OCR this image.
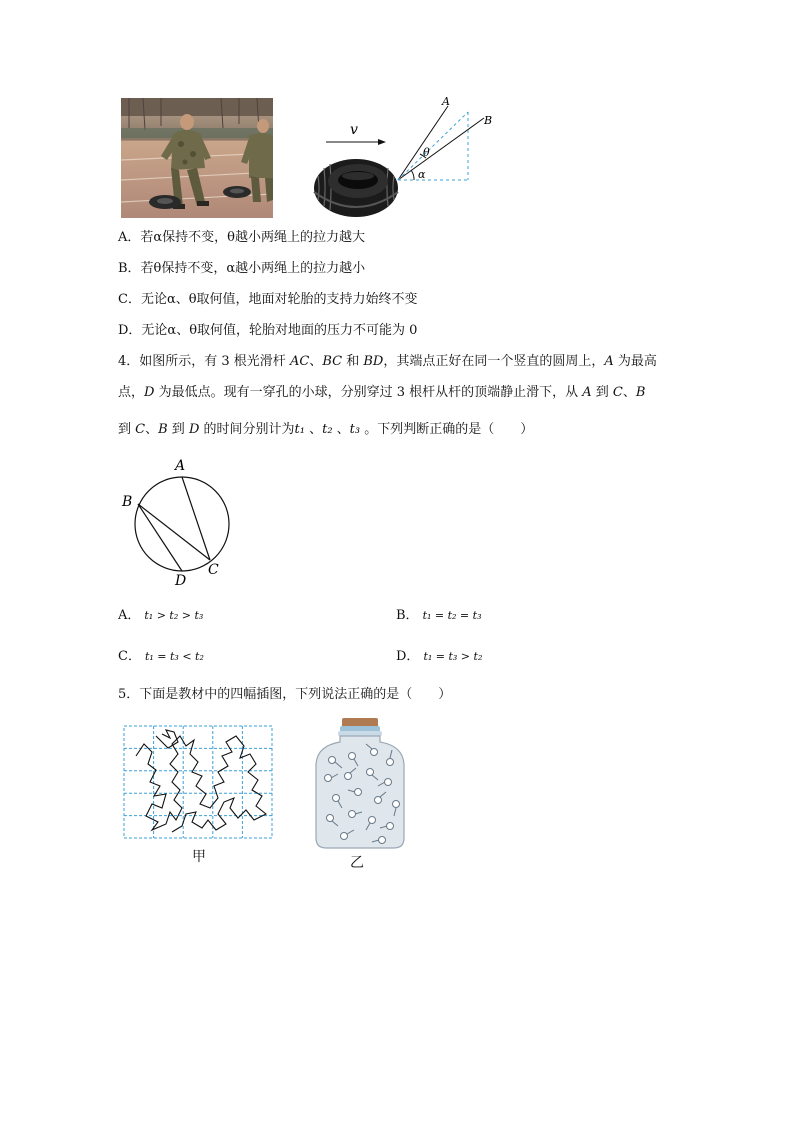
v
A
B
θ
α
A．若α保持不变，θ越小两绳上的拉力越大
B．若θ保持不变，α越小两绳上的拉力越小
C．无论α、θ取何值，地面对轮胎的支持力始终不变
D．无论α、θ取何值，轮胎对地面的压力不可能为 0
4．如图所示，有 3 根光滑杆 AC、BC 和 BD，其端点正好在同一个竖直的圆周上，A 为最高
点，D 为最低点。现有一穿孔的小球，分别穿过 3 根杆从杆的顶端静止滑下，从 A 到 C、B
到 C、B 到 D 的时间分别计为t₁ 、t₂ 、t₃ 。下列判断正确的是（　　）
A
B
C
D
A． t₁ > t₂ > t₃	B． t₁ = t₂ = t₃
C． t₁ = t₃ < t₂	D． t₁ = t₃ > t₂
5．下面是教材中的四幅插图，下列说法正确的是（　　）
甲	乙
